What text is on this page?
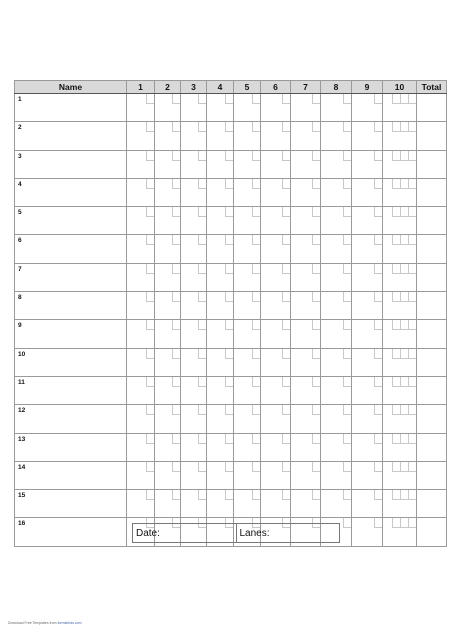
Name	1	2	3	4	5	6	7	8	9	10	Total
1	

2	

3	

4	

5	

6	

7	

8	

9	

10	

11	

12	

13	

14	

15	

16	

Date:	Lanes:
Download Free Templates from formsbirds.com
